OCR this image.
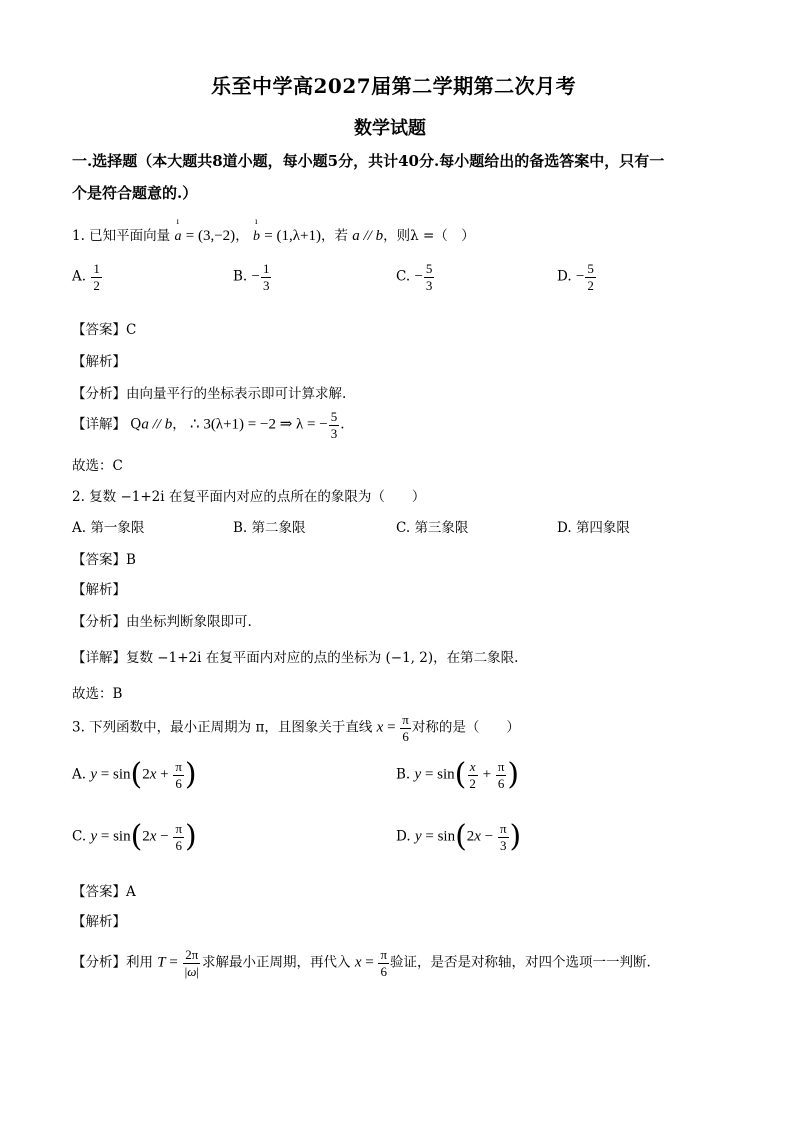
乐至中学高2027届第二学期第二次月考
数学试题
一.选择题（本大题共8道小题，每小题5分，共计40分.每小题给出的备选答案中，只有一
个是符合题意的.）
1. 已知平面向量
ı
a = (3,−2)，
ı
b = (1,λ+1)，若 a // b，则λ =（　）
A. $\frac{1}{2}$	B. − $\frac{1}{3}$	C. − $\frac{5}{3}$	D. − $\frac{5}{2}$
【答案】C
【解析】
【分析】由向量平行的坐标表示即可计算求解.
【详解】 Qa // b， ∴ 3(λ+1) = −2 ⇒ λ = − $\frac{5}{3}$ .
故选：C
2. 复数 −1+2i 在复平面内对应的点所在的象限为（　　）
A. 第一象限	B. 第二象限	C. 第三象限	D. 第四象限
【答案】B
【解析】
【分析】由坐标判断象限即可.
【详解】复数 −1+2i 在复平面内对应的点的坐标为 (−1, 2)，在第二象限.
故选：B
3. 下列函数中，最小正周期为 π，且图象关于直线 $x = \frac{\pi}{6}$ 对称的是（　　）
A. $y = \sin(2x + \frac{\pi}{6}$ )	B. $y = \sin( \frac{x}{2} + \frac{\pi}{6}$ )
C. $y = \sin(2x - \frac{\pi}{6}$ )	D. $y = \sin(2x - \frac{\pi}{3}$ )
【答案】A
【解析】
【分析】利用 $T = \frac{2\pi}{|\omega|}$ 求解最小正周期，再代入 $x = \frac{\pi}{6}$ 验证，是否是对称轴，对四个选项一一判断.
